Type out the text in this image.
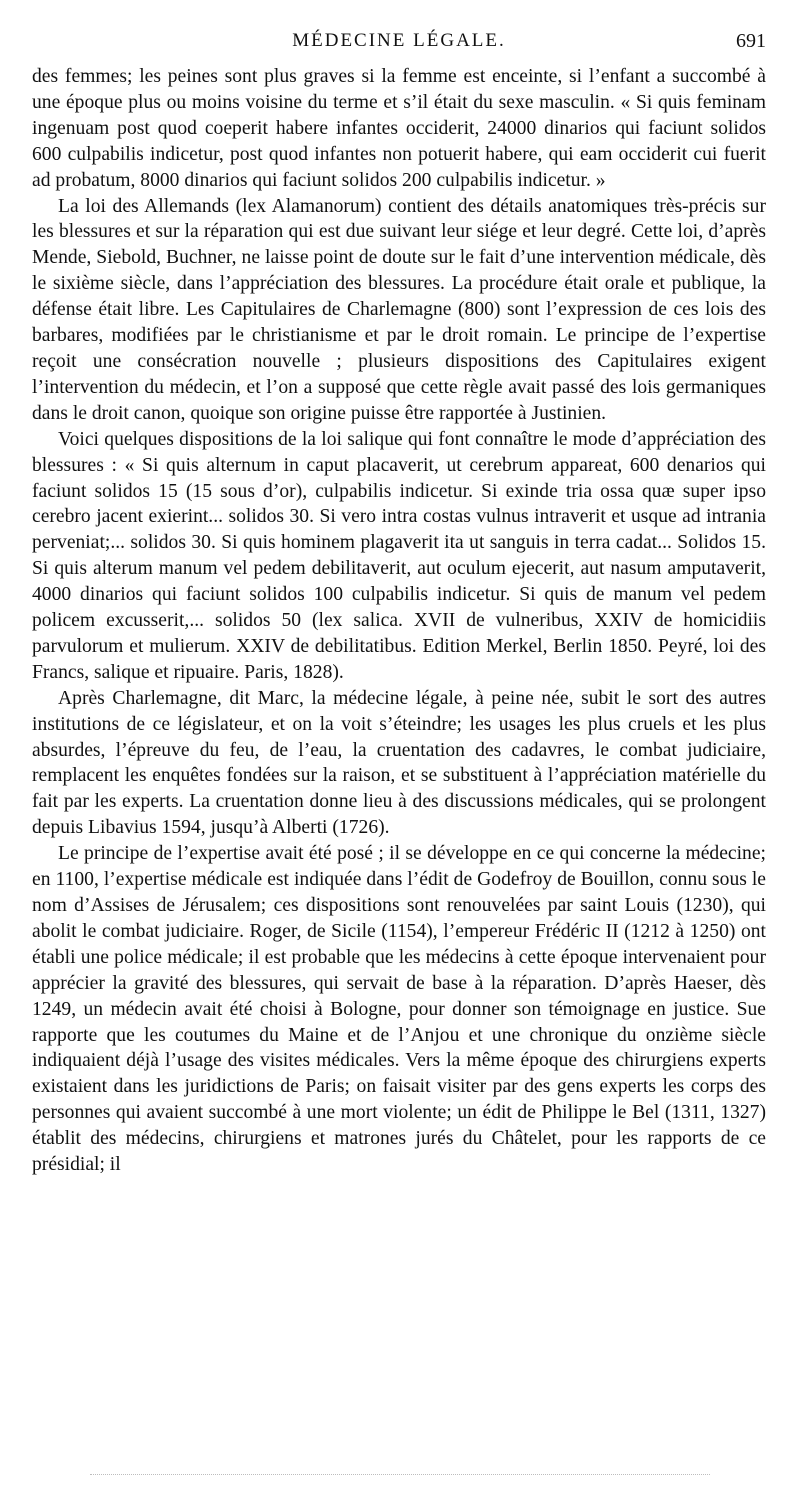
MÉDECINE LÉGALE.	691

des femmes; les peines sont plus graves si la femme est enceinte, si l’enfant a succombé à une époque plus ou moins voisine du terme et s’il était du sexe masculin. « Si quis feminam ingenuam post quod coeperit habere infantes occiderit, 24000 dinarios qui faciunt solidos 600 culpabilis indicetur, post quod infantes non potuerit habere, qui eam occiderit cui fuerit ad probatum, 8000 dinarios qui faciunt solidos 200 culpabilis indicetur. »

La loi des Allemands (lex Alamanorum) contient des détails anatomiques très-précis sur les blessures et sur la réparation qui est due suivant leur siége et leur degré. Cette loi, d’après Mende, Siebold, Buchner, ne laisse point de doute sur le fait d’une intervention médicale, dès le sixième siècle, dans l’appréciation des blessures. La procédure était orale et publique, la défense était libre. Les Capitulaires de Charlemagne (800) sont l’expression de ces lois des barbares, modifiées par le christianisme et par le droit romain. Le principe de l’expertise reçoit une consécration nouvelle ; plusieurs dispositions des Capitulaires exigent l’intervention du médecin, et l’on a supposé que cette règle avait passé des lois germaniques dans le droit canon, quoique son origine puisse être rapportée à Justinien.

Voici quelques dispositions de la loi salique qui font connaître le mode d’appréciation des blessures : « Si quis alternum in caput placaverit, ut cerebrum appareat, 600 denarios qui faciunt solidos 15 (15 sous d’or), culpabilis indicetur. Si exinde tria ossa quæ super ipso cerebro jacent exierint... solidos 30. Si vero intra costas vulnus intraverit et usque ad intrania perveniat;... solidos 30. Si quis hominem plagaverit ita ut sanguis in terra cadat... Solidos 15. Si quis alterum manum vel pedem debilitaverit, aut oculum ejecerit, aut nasum amputaverit, 4000 dinarios qui faciunt solidos 100 culpabilis indicetur. Si quis de manum vel pedem policem excusserit,... solidos 50 (lex salica. XVII de vulneribus, XXIV de homicidiis parvulorum et mulierum. XXIV de debilitatibus. Edition Merkel, Berlin 1850. Peyré, loi des Francs, salique et ripuaire. Paris, 1828).

Après Charlemagne, dit Marc, la médecine légale, à peine née, subit le sort des autres institutions de ce législateur, et on la voit s’éteindre; les usages les plus cruels et les plus absurdes, l’épreuve du feu, de l’eau, la cruentation des cadavres, le combat judiciaire, remplacent les enquêtes fondées sur la raison, et se substituent à l’appréciation matérielle du fait par les experts. La cruentation donne lieu à des discussions médicales, qui se prolongent depuis Libavius 1594, jusqu’à Alberti (1726).

Le principe de l’expertise avait été posé ; il se développe en ce qui concerne la médecine; en 1100, l’expertise médicale est indiquée dans l’édit de Godefroy de Bouillon, connu sous le nom d’Assises de Jérusalem; ces dispositions sont renouvelées par saint Louis (1230), qui abolit le combat judiciaire. Roger, de Sicile (1154), l’empereur Frédéric II (1212 à 1250) ont établi une police médicale; il est probable que les médecins à cette époque intervenaient pour apprécier la gravité des blessures, qui servait de base à la réparation. D’après Haeser, dès 1249, un médecin avait été choisi à Bologne, pour donner son témoignage en justice. Sue rapporte que les coutumes du Maine et de l’Anjou et une chronique du onzième siècle indiquaient déjà l’usage des visites médicales. Vers la même époque des chirurgiens experts existaient dans les juridictions de Paris; on faisait visiter par des gens experts les corps des personnes qui avaient succombé à une mort violente; un édit de Philippe le Bel (1311, 1327) établit des médecins, chirurgiens et matrones jurés du Châtelet, pour les rapports de ce présidial; il
